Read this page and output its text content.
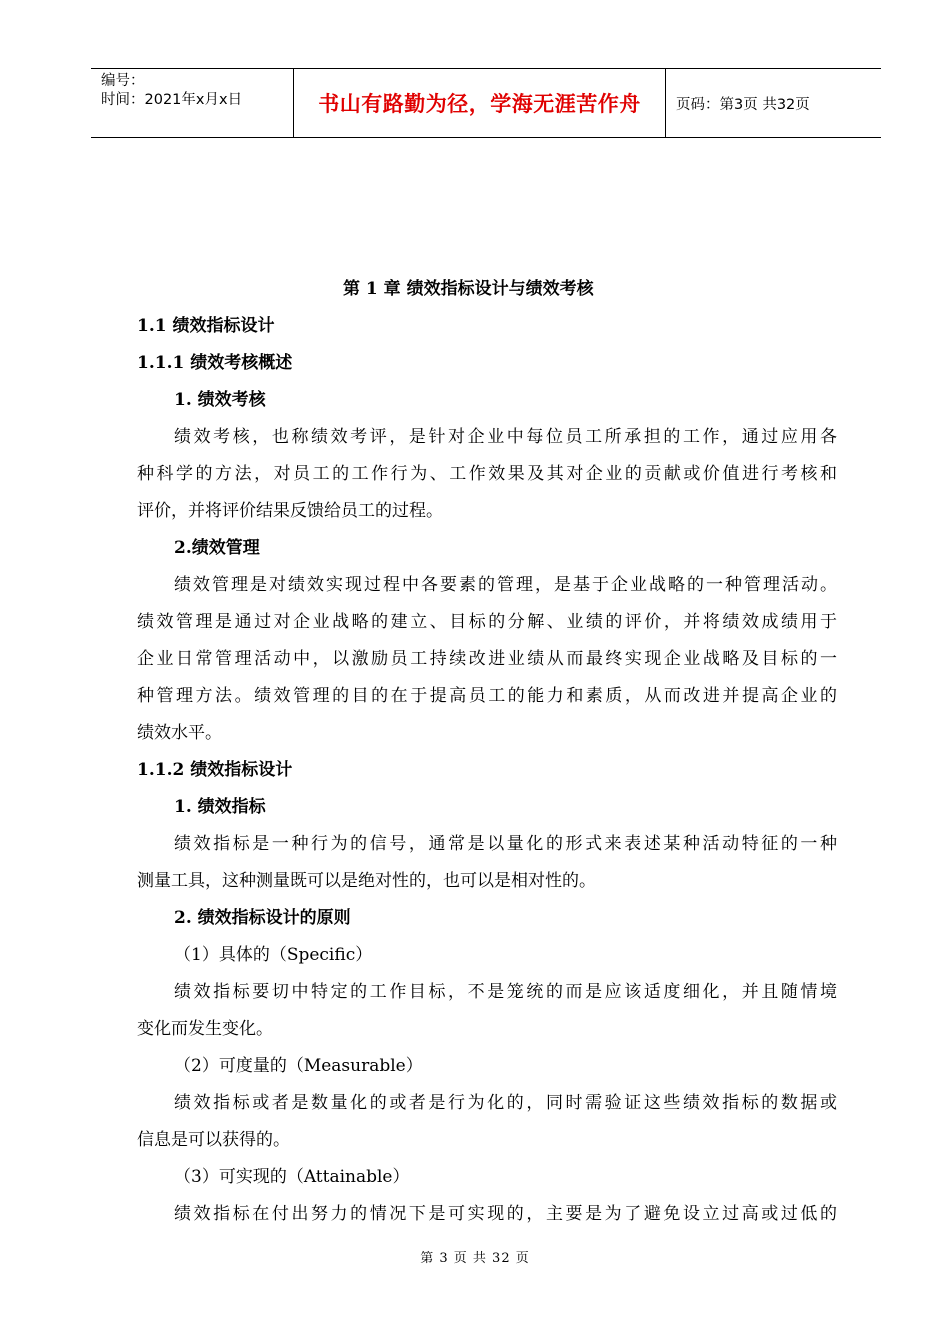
编号：
时间：2021年x月x日	书山有路勤为径，学海无涯苦作舟	页码：第3页 共32页
第 1 章 绩效指标设计与绩效考核
1.1 绩效指标设计
1.1.1 绩效考核概述
1. 绩效考核
绩效考核，也称绩效考评，是针对企业中每位员工所承担的工作，通过应用各
种科学的方法，对员工的工作行为、工作效果及其对企业的贡献或价值进行考核和
评价，并将评价结果反馈给员工的过程。
2.绩效管理
绩效管理是对绩效实现过程中各要素的管理，是基于企业战略的一种管理活动。
绩效管理是通过对企业战略的建立、目标的分解、业绩的评价，并将绩效成绩用于
企业日常管理活动中，以激励员工持续改进业绩从而最终实现企业战略及目标的一
种管理方法。绩效管理的目的在于提高员工的能力和素质，从而改进并提高企业的
绩效水平。
1.1.2 绩效指标设计
1. 绩效指标
绩效指标是一种行为的信号，通常是以量化的形式来表述某种活动特征的一种
测量工具，这种测量既可以是绝对性的，也可以是相对性的。
2. 绩效指标设计的原则
（1）具体的（Specific）
绩效指标要切中特定的工作目标，不是笼统的而是应该适度细化，并且随情境
变化而发生变化。
（2）可度量的（Measurable）
绩效指标或者是数量化的或者是行为化的，同时需验证这些绩效指标的数据或
信息是可以获得的。
（3）可实现的（Attainable）
绩效指标在付出努力的情况下是可实现的，主要是为了避免设立过高或过低的
第 3 页 共 32 页
